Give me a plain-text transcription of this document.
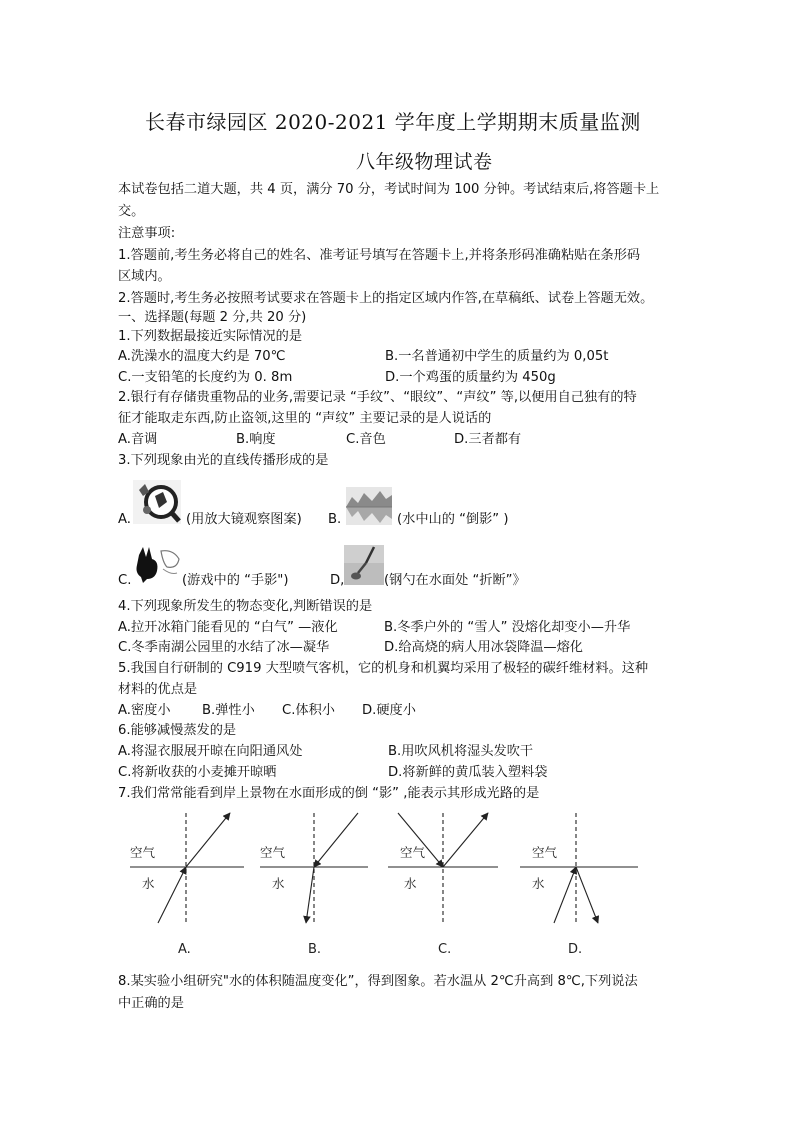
长春市绿园区 2020-2021 学年度上学期期末质量监测
八年级物理试卷
本试卷包括二道大题，共 4 页，满分 70 分，考试时间为 100 分钟。考试结束后,将答题卡上
交。
注意事项:
1.答题前,考生务必将自己的姓名、准考证号填写在答题卡上,并将条形码准确粘贴在条形码
区域内。
2.答题时,考生务必按照考试要求在答题卡上的指定区域内作答,在草稿纸、试卷上答题无效。
一、选择题(每题 2 分,共 20 分)
1.下列数据最接近实际情况的是
A.洗澡水的温度大约是 70℃	B.一名普通初中学生的质量约为 0,05t
C.一支铅笔的长度约为 0. 8m	D.一个鸡蛋的质量约为 450g
2.银行有存储贵重物品的业务,需要记录 “手纹”、“眼纹”、“声纹” 等,以便用自己独有的特
征才能取走东西,防止盗领,这里的 “声纹” 主要记录的是人说话的
A.音调	B.响度	C.音色	D.三者都有
3.下列现象由光的直线传播形成的是
A.	(用放大镜观察图案) B.	(水中山的 “倒影” )
C.	(游戏中的 “手影")	D,	(钢勺在水面处 “折断”》
4.下列现象所发生的物态变化,判断错误的是
A.拉开冰箱门能看见的 “白气” —液化	B.冬季户外的 “雪人” 没熔化却变小—升华
C.冬季南湖公园里的水结了冰—凝华	D.给高烧的病人用冰袋降温—熔化
5.我国自行研制的 C919 大型喷气客机，它的机身和机翼均采用了极轻的碳纤维材料。这种
材料的优点是
A.密度小 B.弹性小 C.体积小 D.硬度小
6.能够减慢蒸发的是
A.将湿衣服展开晾在向阳通风处	B.用吹风机将湿头发吹干
C.将新收获的小麦摊开晾晒	D.将新鲜的黄瓜装入塑料袋
7.我们常常能看到岸上景物在水面形成的倒 “影” ,能表示其形成光路的是
空气
水
空气
水
空气
水
空气
水
A.	B.	C.	D.
8.某实验小组研究"水的体积随温度变化”，得到图象。若水温从 2℃升高到 8℃,下列说法
中正确的是
